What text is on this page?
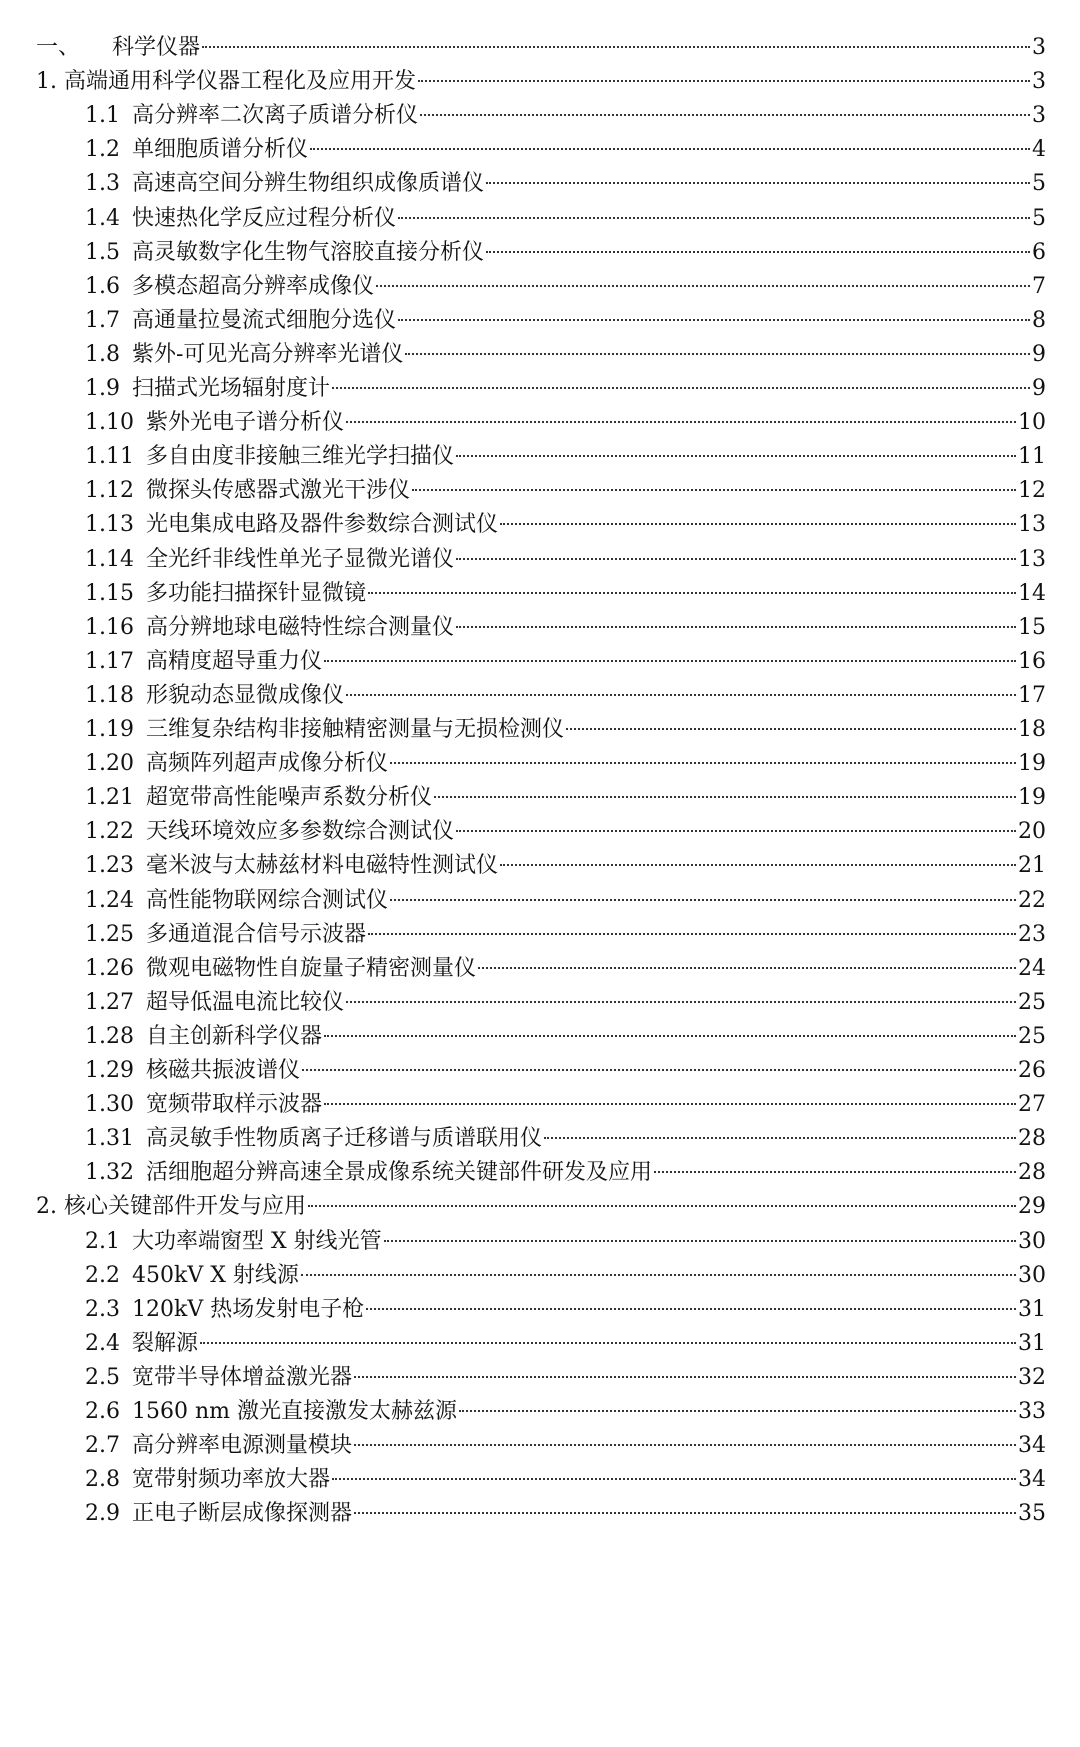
一、 科学仪器	3
1. 高端通用科学仪器工程化及应用开发	3
1.1 高分辨率二次离子质谱分析仪	3
1.2 单细胞质谱分析仪	4
1.3 高速高空间分辨生物组织成像质谱仪	5
1.4 快速热化学反应过程分析仪	5
1.5 高灵敏数字化生物气溶胶直接分析仪	6
1.6 多模态超高分辨率成像仪	7
1.7 高通量拉曼流式细胞分选仪	8
1.8 紫外-可见光高分辨率光谱仪	9
1.9 扫描式光场辐射度计	9
1.10 紫外光电子谱分析仪	10
1.11 多自由度非接触三维光学扫描仪	11
1.12 微探头传感器式激光干涉仪	12
1.13 光电集成电路及器件参数综合测试仪	13
1.14 全光纤非线性单光子显微光谱仪	13
1.15 多功能扫描探针显微镜	14
1.16 高分辨地球电磁特性综合测量仪	15
1.17 高精度超导重力仪	16
1.18 形貌动态显微成像仪	17
1.19 三维复杂结构非接触精密测量与无损检测仪	18
1.20 高频阵列超声成像分析仪	19
1.21 超宽带高性能噪声系数分析仪	19
1.22 天线环境效应多参数综合测试仪	20
1.23 毫米波与太赫兹材料电磁特性测试仪	21
1.24 高性能物联网综合测试仪	22
1.25 多通道混合信号示波器	23
1.26 微观电磁物性自旋量子精密测量仪	24
1.27 超导低温电流比较仪	25
1.28 自主创新科学仪器	25
1.29 核磁共振波谱仪	26
1.30 宽频带取样示波器	27
1.31 高灵敏手性物质离子迁移谱与质谱联用仪	28
1.32 活细胞超分辨高速全景成像系统关键部件研发及应用	28
2. 核心关键部件开发与应用	29
2.1 大功率端窗型 X 射线光管	30
2.2 450kV X 射线源	30
2.3 120kV 热场发射电子枪	31
2.4 裂解源	31
2.5 宽带半导体增益激光器	32
2.6 1560 nm 激光直接激发太赫兹源	33
2.7 高分辨率电源测量模块	34
2.8 宽带射频功率放大器	34
2.9 正电子断层成像探测器	35
